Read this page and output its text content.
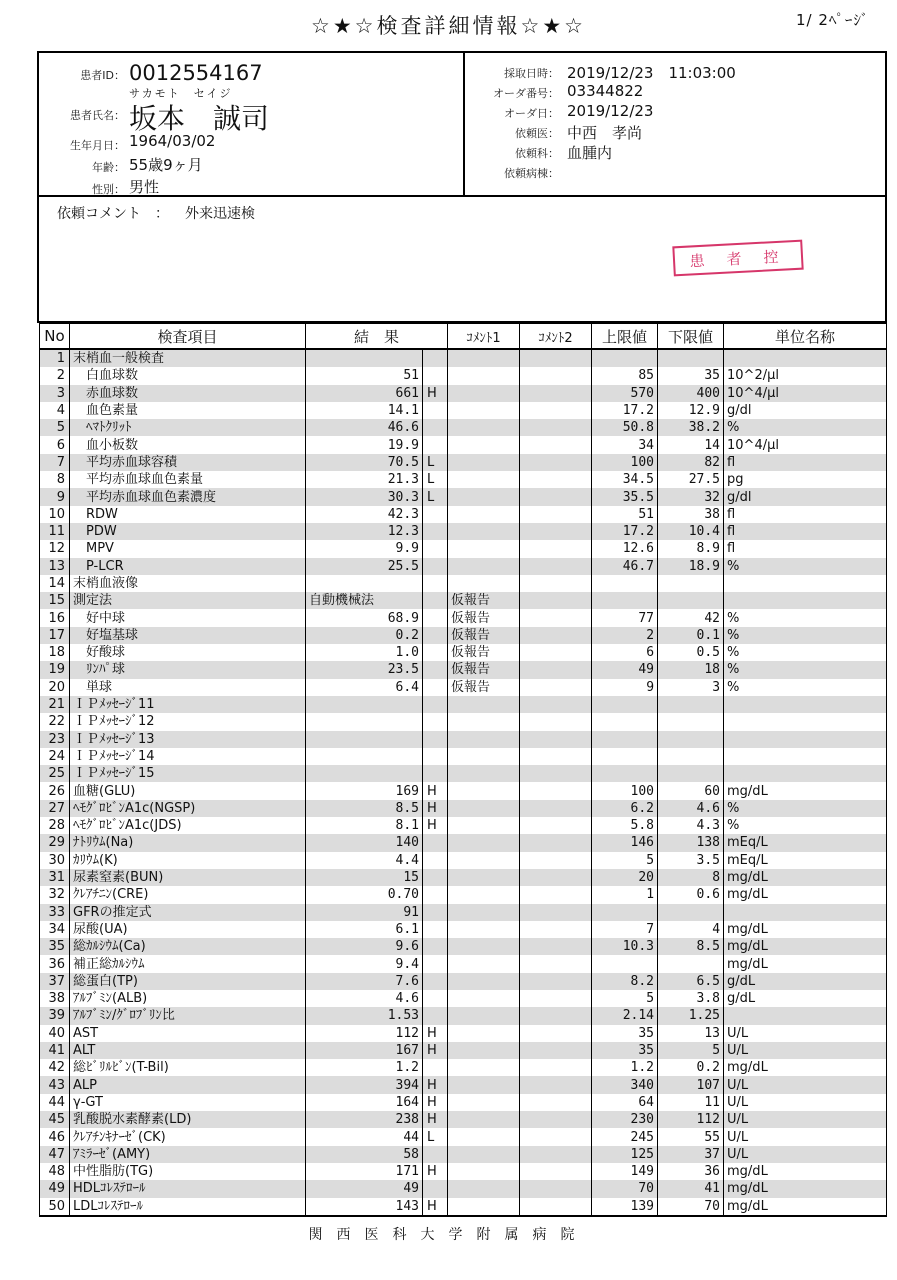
☆★☆検査詳細情報☆★☆	1/ 2ﾍﾟｰｼﾞ
患者ID： 0012554167
サカモト　セイジ
患者氏名： 坂本　誠司
生年月日： 1964/03/02
年齢： 55歳9ヶ月
性別： 男性
採取日時： 2019/12/23　11:03:00
オーダ番号： 03344822
オーダ日： 2019/12/23
依頼医： 中西　孝尚
依頼科： 血腫内
依頼病棟：
依頼コメント　： 外来迅速検
患者控
No	検査項目	結　果		ｺﾒﾝﾄ1	ｺﾒﾝﾄ2	上限値	下限値	単位名称
1	末梢血一般検査							
2	　白血球数	51				85	35	10^2/μl
3	　赤血球数	661	H			570	400	10^4/μl
4	　血色素量	14.1				17.2	12.9	g/dl
5	　ﾍﾏﾄｸﾘｯﾄ	46.6				50.8	38.2	%
6	　血小板数	19.9				34	14	10^4/μl
7	　平均赤血球容積	70.5	L			100	82	fl
8	　平均赤血球血色素量	21.3	L			34.5	27.5	pg
9	　平均赤血球血色素濃度	30.3	L			35.5	32	g/dl
10	　RDW	42.3				51	38	fl
11	　PDW	12.3				17.2	10.4	fl
12	　MPV	9.9				12.6	8.9	fl
13	　P-LCR	25.5				46.7	18.9	%
14	末梢血液像							
15	測定法	自動機械法		仮報告				
16	　好中球	68.9		仮報告		77	42	%
17	　好塩基球	0.2		仮報告		2	0.1	%
18	　好酸球	1.0		仮報告		6	0.5	%
19	　ﾘﾝﾊﾟ球	23.5		仮報告		49	18	%
20	　単球	6.4		仮報告		9	3	%
21	ＩＰﾒｯｾｰｼﾞ11							
22	ＩＰﾒｯｾｰｼﾞ12							
23	ＩＰﾒｯｾｰｼﾞ13							
24	ＩＰﾒｯｾｰｼﾞ14							
25	ＩＰﾒｯｾｰｼﾞ15							
26	血糖(GLU)	169	H			100	60	mg/dL
27	ﾍﾓｸﾞﾛﾋﾞﾝA1c(NGSP)	8.5	H			6.2	4.6	%
28	ﾍﾓｸﾞﾛﾋﾞﾝA1c(JDS)	8.1	H			5.8	4.3	%
29	ﾅﾄﾘｳﾑ(Na)	140				146	138	mEq/L
30	ｶﾘｳﾑ(K)	4.4				5	3.5	mEq/L
31	尿素窒素(BUN)	15				20	8	mg/dL
32	ｸﾚｱﾁﾆﾝ(CRE)	0.70				1	0.6	mg/dL
33	GFRの推定式	91						
34	尿酸(UA)	6.1				7	4	mg/dL
35	総ｶﾙｼｳﾑ(Ca)	9.6				10.3	8.5	mg/dL
36	補正総ｶﾙｼｳﾑ	9.4						mg/dL
37	総蛋白(TP)	7.6				8.2	6.5	g/dL
38	ｱﾙﾌﾞﾐﾝ(ALB)	4.6				5	3.8	g/dL
39	ｱﾙﾌﾞﾐﾝ/ｸﾞﾛﾌﾞﾘﾝ比	1.53				2.14	1.25	
40	AST	112	H			35	13	U/L
41	ALT	167	H			35	5	U/L
42	総ﾋﾞﾘﾙﾋﾞﾝ(T-Bil)	1.2				1.2	0.2	mg/dL
43	ALP	394	H			340	107	U/L
44	γ-GT	164	H			64	11	U/L
45	乳酸脱水素酵素(LD)	238	H			230	112	U/L
46	ｸﾚｱﾁﾝｷﾅｰｾﾞ(CK)	44	L			245	55	U/L
47	ｱﾐﾗｰｾﾞ(AMY)	58				125	37	U/L
48	中性脂肪(TG)	171	H			149	36	mg/dL
49	HDLｺﾚｽﾃﾛｰﾙ	49				70	41	mg/dL
50	LDLｺﾚｽﾃﾛｰﾙ	143	H			139	70	mg/dL
関西医科大学附属病院
